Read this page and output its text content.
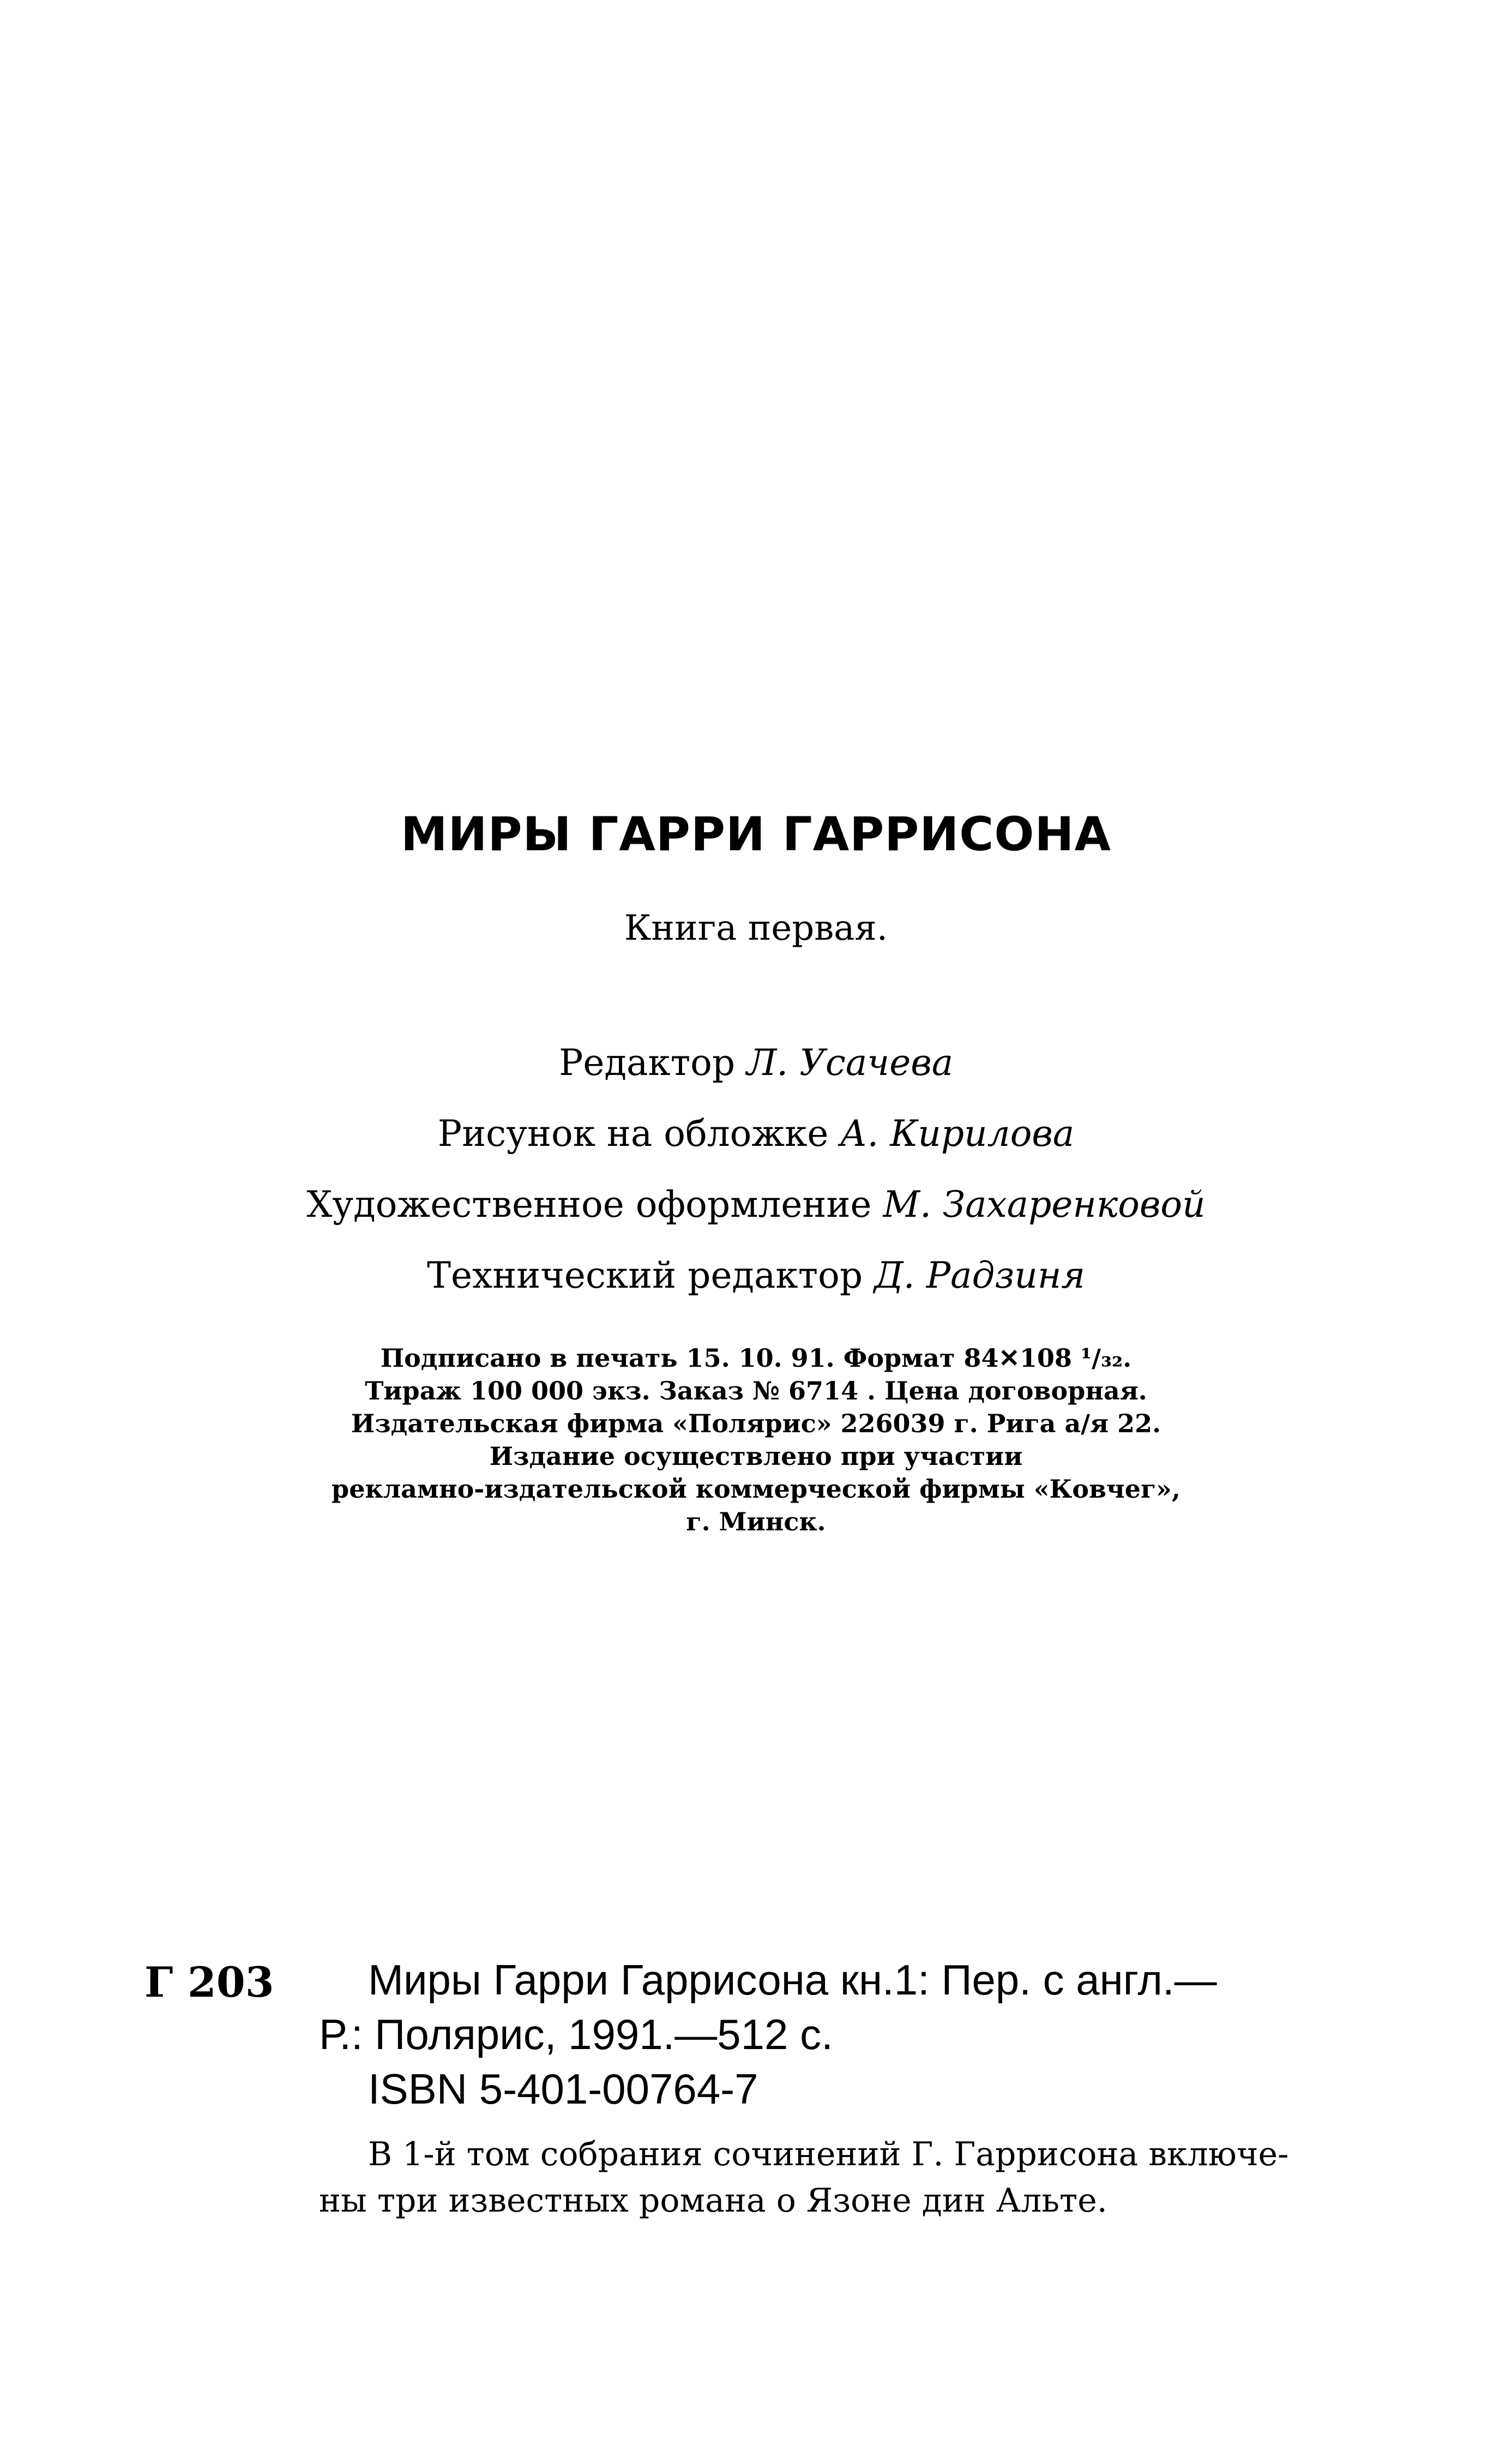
МИРЫ ГАРРИ ГАРРИСОНА
Книга первая.
Редактор Л. Усачева
Рисунок на обложке А. Кирилова
Художественное оформление М. Захаренковой
Технический редактор Д. Радзиня
Подписано в печать 15. 10. 91. Формат 84✕108 ¹/₃₂.
Тираж 100 000 экз. Заказ № 6714 . Цена договорная.
Издательская фирма «Полярис» 226039 г. Рига а/я 22.
Издание осуществлено при участии
рекламно-издательской коммерческой фирмы «Ковчег»,
г. Минск.
Г 203 Миры Гарри Гаррисона кн.1: Пер. с англ.—
Р.: Полярис, 1991.—512 с.
ISBN 5-401-00764-7
В 1-й том собрания сочинений Г. Гаррисона включе-
ны три известных романа о Язоне дин Альте.
